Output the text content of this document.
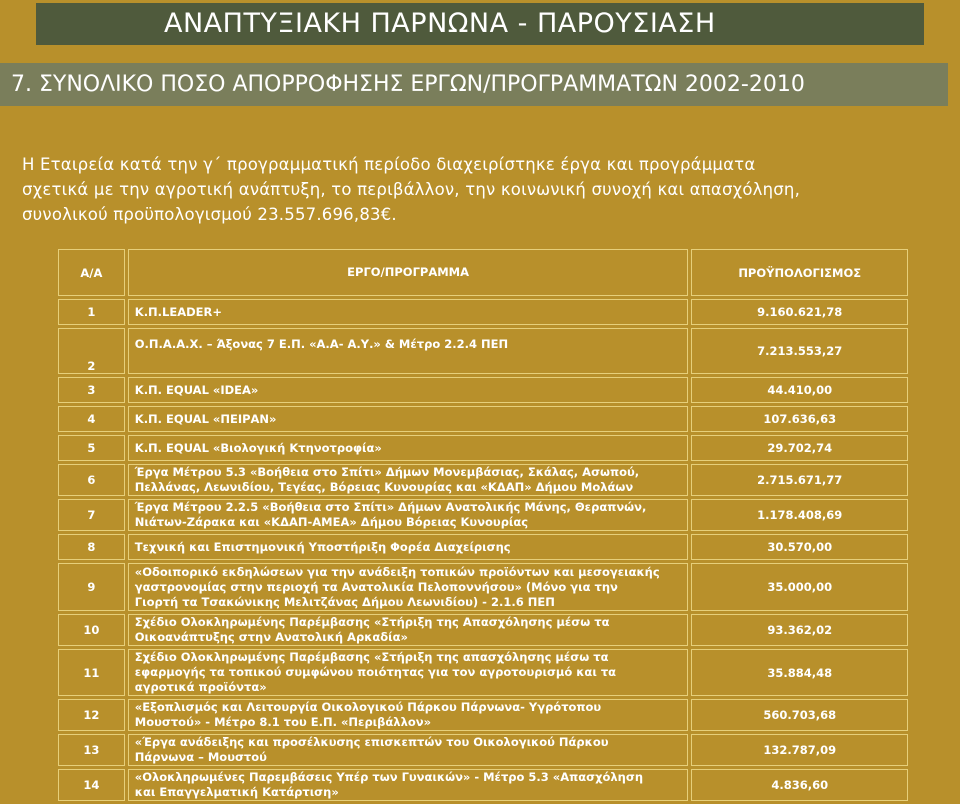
ΑΝΑΠΤΥΞΙΑΚΗ ΠΑΡΝΩΝΑ - ΠΑΡΟΥΣΙΑΣΗ
7. ΣΥΝΟΛΙΚΟ ΠΟΣΟ ΑΠΟΡΡΟΦΗΣΗΣ ΕΡΓΩΝ/ΠΡΟΓΡΑΜΜΑΤΩΝ 2002-2010
Η Εταιρεία κατά την γ΄ προγραμματική περίοδο διαχειρίστηκε έργα και προγράμματα
σχετικά με την αγροτική ανάπτυξη, το περιβάλλον, την κοινωνική συνοχή και απασχόληση,
συνολικού προϋπολογισμού 23.557.696,83€.
Α/Α	ΕΡΓΟ/ΠΡΟΓΡΑΜΜΑ	ΠΡΟΫΠΟΛΟΓΙΣΜΟΣ
1	Κ.Π.LEADER+	9.160.621,78
2	Ο.Π.Α.Α.Χ. – Άξονας 7 Ε.Π. «Α.Α- Α.Υ.» & Μέτρο 2.2.4 ΠΕΠ	7.213.553,27
3	Κ.Π. EQUAL «IDEA»	44.410,00
4	Κ.Π. EQUAL «ΠΕΙΡΑΝ»	107.636,63
5	Κ.Π. EQUAL «Βιολογική Κτηνοτροφία»	29.702,74
6	Έργα Μέτρου 5.3 «Βοήθεια στο Σπίτι» Δήμων Μονεμβάσιας, Σκάλας, Ασωπού,
Πελλάνας, Λεωνιδίου, Τεγέας, Βόρειας Κυνουρίας και «ΚΔΑΠ» Δήμου Μολάων	2.715.671,77
7	Έργα Μέτρου 2.2.5 «Βοήθεια στο Σπίτι» Δήμων Ανατολικής Μάνης, Θεραπνών,
Νιάτων-Ζάρακα και «ΚΔΑΠ-ΑΜΕΑ» Δήμου Βόρειας Κυνουρίας	1.178.408,69
8	Τεχνική και Επιστημονική Υποστήριξη Φορέα Διαχείρισης	30.570,00
9	«Οδοιπορικό εκδηλώσεων για την ανάδειξη τοπικών προϊόντων και μεσογειακής
γαστρονομίας στην περιοχή τα Ανατολικία Πελοποννήσου» (Μόνο για την
Γιορτή τα Τσακώνικης Μελιτζάνας Δήμου Λεωνιδίου) - 2.1.6 ΠΕΠ	35.000,00
10	Σχέδιο Ολοκληρωμένης Παρέμβασης «Στήριξη της Απασχόλησης μέσω τα
Οικοανάπτυξης στην Ανατολική Αρκαδία»	93.362,02
11	Σχέδιο Ολοκληρωμένης Παρέμβασης «Στήριξη της απασχόλησης μέσω τα
εφαρμογής τα τοπικού συμφώνου ποιότητας για τον αγροτουρισμό και τα
αγροτικά προϊόντα»	35.884,48
12	«Εξοπλισμός και Λειτουργία Οικολογικού Πάρκου Πάρνωνα- Υγρότοπου
Μουστού» - Μέτρο 8.1 του Ε.Π. «Περιβάλλον»	560.703,68
13	«Έργα ανάδειξης και προσέλκυσης επισκεπτών του Οικολογικού Πάρκου
Πάρνωνα – Μουστού	132.787,09
14	«Ολοκληρωμένες Παρεμβάσεις Υπέρ των Γυναικών» - Μέτρο 5.3 «Απασχόληση
και Επαγγελματική Κατάρτιση»	4.836,60
